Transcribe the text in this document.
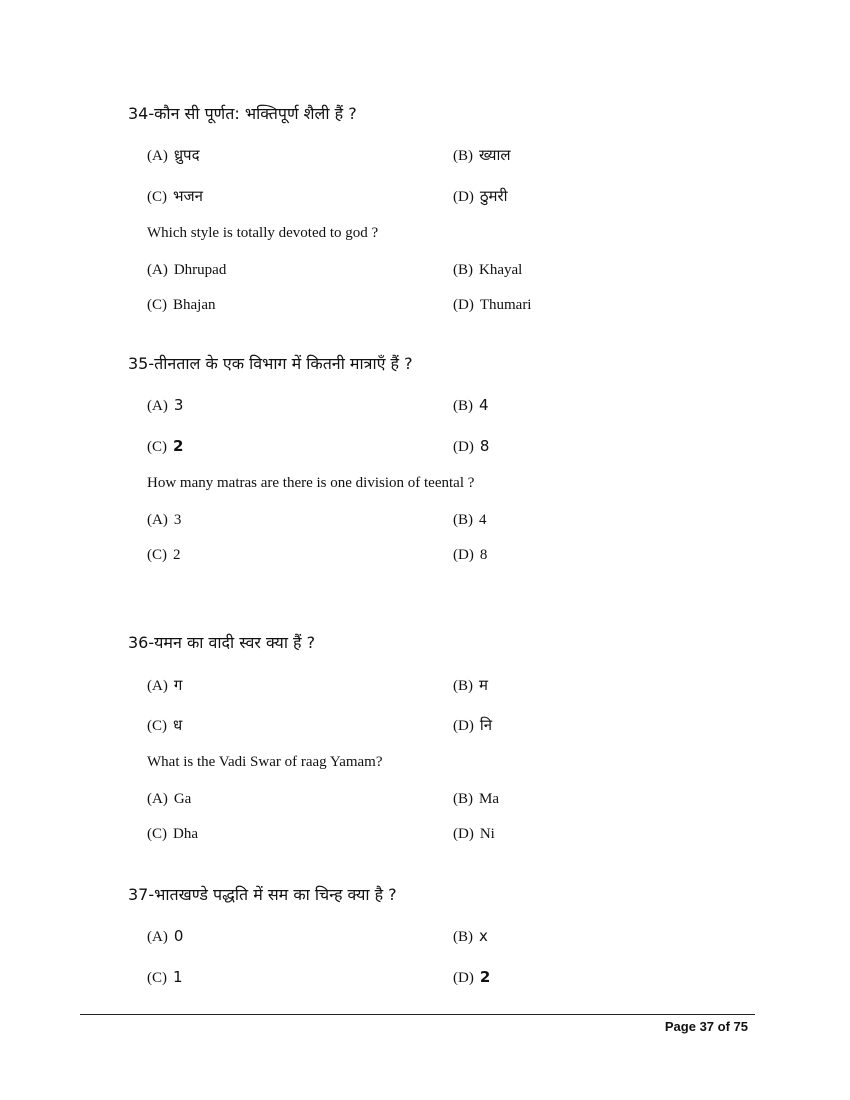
34-कौन सी पूर्णत: भक्तिपूर्ण शैली हैं ?
(A) ध्रुपद	(B) ख्याल
(C) भजन	(D) ठुमरी
Which style is totally devoted to god ?
(A) Dhrupad	(B) Khayal
(C) Bhajan	(D) Thumari
35-तीनताल के एक विभाग में कितनी मात्राएँ हैं ?
(A) 3	(B) 4
(C) 2	(D) 8
How many matras are there is one division of teental ?
(A) 3	(B) 4
(C) 2	(D) 8
36-यमन का वादी स्वर क्या हैं ?
(A) ग	(B) म
(C) ध	(D) नि
What is the Vadi Swar of raag Yamam?
(A) Ga	(B) Ma
(C) Dha	(D) Ni
37-भातखण्डे पद्धति में सम का चिन्ह क्या है ?
(A) 0	(B) x
(C) 1	(D) 2
Page 37 of 75
